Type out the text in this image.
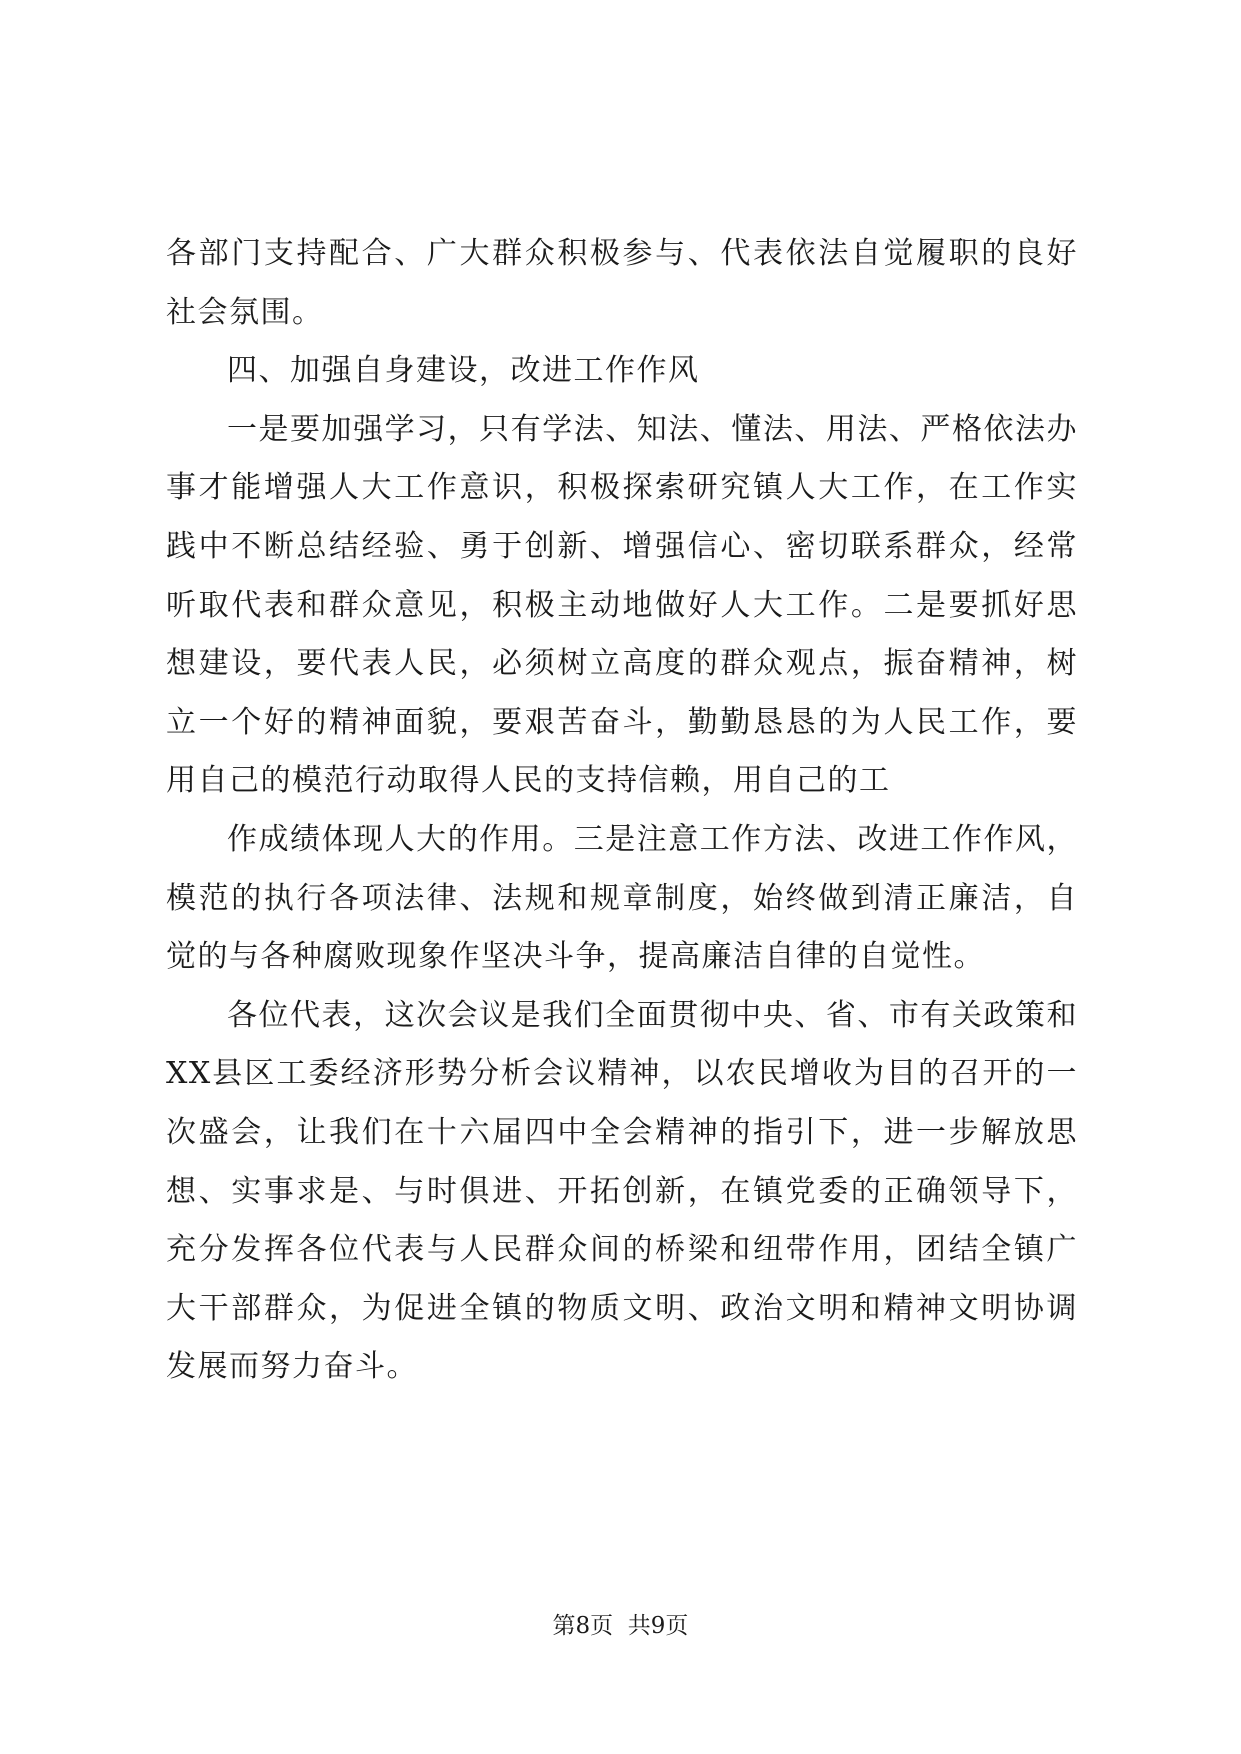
各部门支持配合、广大群众积极参与、代表依法自觉履职的良好社会氛围。

四、加强自身建设，改进工作作风

一是要加强学习，只有学法、知法、懂法、用法、严格依法办事才能增强人大工作意识，积极探索研究镇人大工作，在工作实践中不断总结经验、勇于创新、增强信心、密切联系群众，经常听取代表和群众意见，积极主动地做好人大工作。二是要抓好思想建设，要代表人民，必须树立高度的群众观点，振奋精神，树立一个好的精神面貌，要艰苦奋斗，勤勤恳恳的为人民工作，要用自己的模范行动取得人民的支持信赖，用自己的工

作成绩体现人大的作用。三是注意工作方法、改进工作作风，模范的执行各项法律、法规和规章制度，始终做到清正廉洁，自觉的与各种腐败现象作坚决斗争，提高廉洁自律的自觉性。

各位代表，这次会议是我们全面贯彻中央、省、市有关政策和XX县区工委经济形势分析会议精神，以农民增收为目的召开的一次盛会，让我们在十六届四中全会精神的指引下，进一步解放思想、实事求是、与时俱进、开拓创新，在镇党委的正确领导下，充分发挥各位代表与人民群众间的桥梁和纽带作用，团结全镇广大干部群众，为促进全镇的物质文明、政治文明和精神文明协调发展而努力奋斗。

第8页  共9页
